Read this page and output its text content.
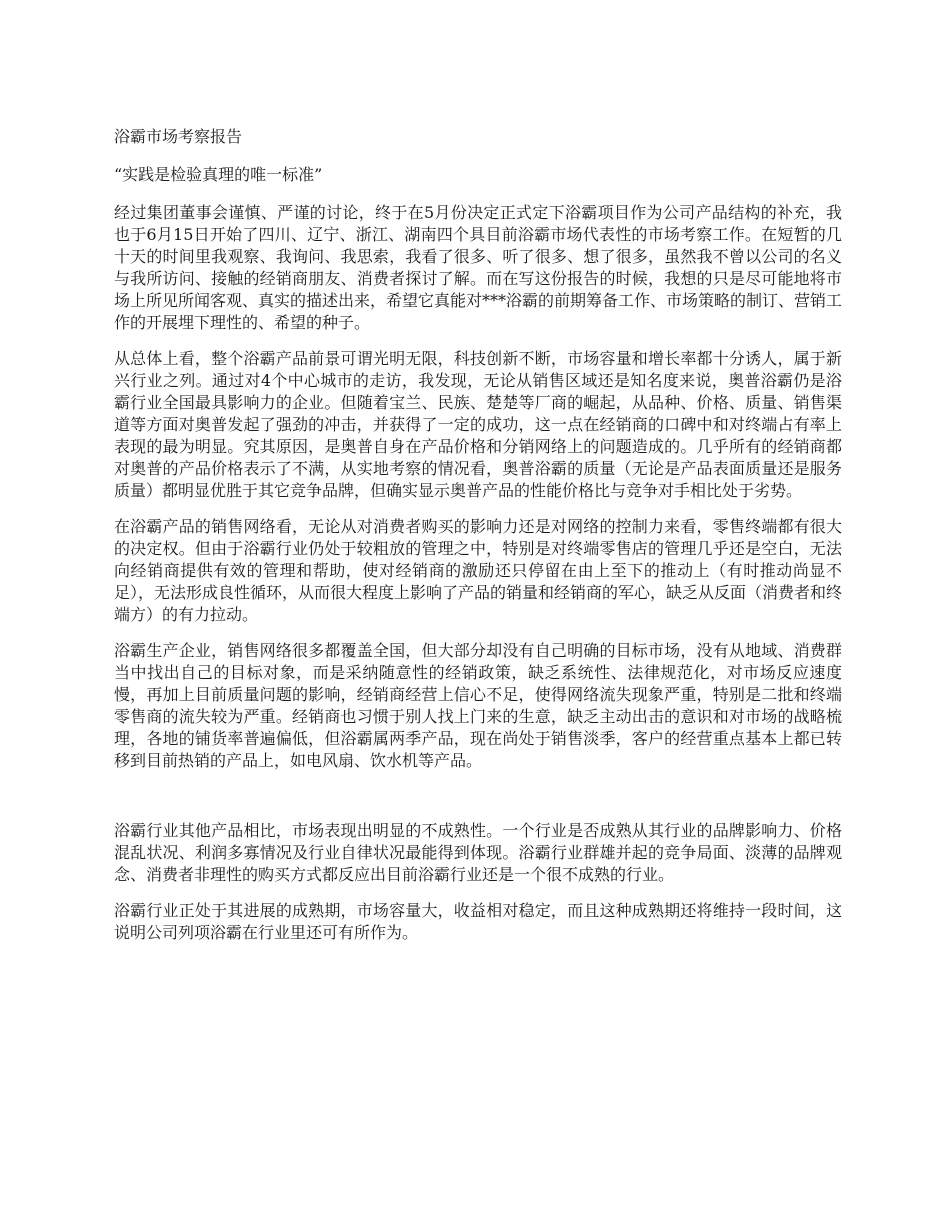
浴霸市场考察报告

“实践是检验真理的唯一标准”

经过集团董事会谨慎、严谨的讨论，终于在5月份决定正式定下浴霸项目作为公司产品结构的补充，我也于6月15日开始了四川、辽宁、浙江、湖南四个具目前浴霸市场代表性的市场考察工作。在短暂的几十天的时间里我观察、我询问、我思索，我看了很多、听了很多、想了很多，虽然我不曾以公司的名义与我所访问、接触的经销商朋友、消费者探讨了解。而在写这份报告的时候，我想的只是尽可能地将市场上所见所闻客观、真实的描述出来，希望它真能对***浴霸的前期筹备工作、市场策略的制订、营销工作的开展埋下理性的、希望的种子。

从总体上看，整个浴霸产品前景可谓光明无限，科技创新不断，市场容量和增长率都十分诱人，属于新兴行业之列。通过对4个中心城市的走访，我发现，无论从销售区域还是知名度来说，奥普浴霸仍是浴霸行业全国最具影响力的企业。但随着宝兰、民族、楚楚等厂商的崛起，从品种、价格、质量、销售渠道等方面对奥普发起了强劲的冲击，并获得了一定的成功，这一点在经销商的口碑中和对终端占有率上表现的最为明显。究其原因，是奥普自身在产品价格和分销网络上的问题造成的。几乎所有的经销商都对奥普的产品价格表示了不满，从实地考察的情况看，奥普浴霸的质量（无论是产品表面质量还是服务质量）都明显优胜于其它竞争品牌，但确实显示奥普产品的性能价格比与竞争对手相比处于劣势。

在浴霸产品的销售网络看，无论从对消费者购买的影响力还是对网络的控制力来看，零售终端都有很大的决定权。但由于浴霸行业仍处于较粗放的管理之中，特别是对终端零售店的管理几乎还是空白，无法向经销商提供有效的管理和帮助，使对经销商的激励还只停留在由上至下的推动上（有时推动尚显不足），无法形成良性循环，从而很大程度上影响了产品的销量和经销商的军心，缺乏从反面（消费者和终端方）的有力拉动。

浴霸生产企业，销售网络很多都覆盖全国，但大部分却没有自己明确的目标市场，没有从地域、消费群当中找出自己的目标对象，而是采纳随意性的经销政策，缺乏系统性、法律规范化，对市场反应速度慢，再加上目前质量问题的影响，经销商经营上信心不足，使得网络流失现象严重，特别是二批和终端零售商的流失较为严重。经销商也习惯于别人找上门来的生意，缺乏主动出击的意识和对市场的战略梳理，各地的铺货率普遍偏低，但浴霸属两季产品，现在尚处于销售淡季，客户的经营重点基本上都已转移到目前热销的产品上，如电风扇、饮水机等产品。

浴霸行业其他产品相比，市场表现出明显的不成熟性。一个行业是否成熟从其行业的品牌影响力、价格混乱状况、利润多寡情况及行业自律状况最能得到体现。浴霸行业群雄并起的竞争局面、淡薄的品牌观念、消费者非理性的购买方式都反应出目前浴霸行业还是一个很不成熟的行业。

浴霸行业正处于其进展的成熟期，市场容量大，收益相对稳定，而且这种成熟期还将维持一段时间，这说明公司列项浴霸在行业里还可有所作为。
